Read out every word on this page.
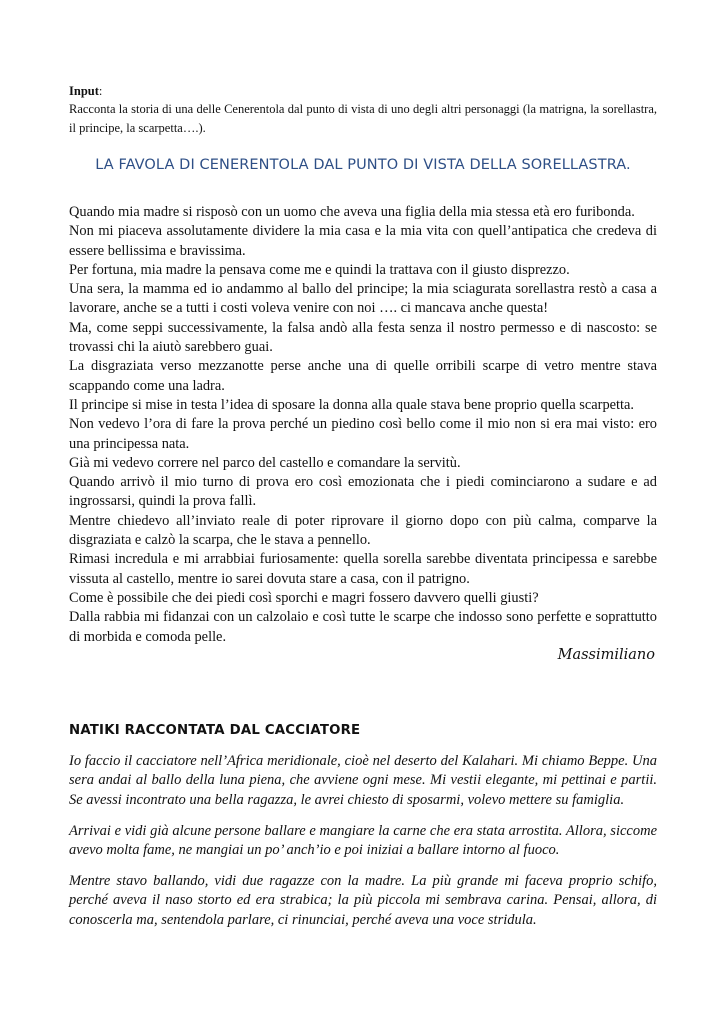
Input:
Racconta la storia di una delle Cenerentola dal punto di vista di uno degli altri personaggi (la matrigna, la sorellastra, il principe, la scarpetta….).
LA FAVOLA DI CENERENTOLA DAL PUNTO DI VISTA DELLA SORELLASTRA.

Quando mia madre si risposò con un uomo che aveva una figlia della mia stessa età ero furibonda.

Non mi piaceva assolutamente dividere la mia casa e la mia vita con quell’antipatica che credeva di essere bellissima e bravissima.

Per fortuna, mia madre la pensava come me e quindi la trattava con il giusto disprezzo.

Una sera, la mamma ed io andammo al ballo del principe; la mia sciagurata sorellastra restò a casa a lavorare, anche se a tutti i costi voleva venire con noi …. ci mancava anche questa!

Ma, come seppi successivamente, la falsa andò alla festa senza il nostro permesso e di nascosto: se trovassi chi la aiutò sarebbero guai.

La disgraziata verso mezzanotte perse anche una di quelle orribili scarpe di vetro mentre stava scappando come una ladra.

Il principe si mise in testa l’idea di sposare la donna alla quale stava bene proprio quella scarpetta.

Non vedevo l’ora di fare la prova perché un piedino così bello come il mio non si era mai visto: ero una principessa nata.

Già mi vedevo correre nel parco del castello e comandare la servitù.

Quando arrivò il mio turno di prova ero così emozionata che i piedi cominciarono a sudare e ad ingrossarsi, quindi la prova fallì.

Mentre chiedevo all’inviato reale di poter riprovare il giorno dopo con più calma, comparve la disgraziata e calzò la scarpa, che le stava a pennello.

Rimasi incredula e mi arrabbiai furiosamente: quella sorella sarebbe diventata principessa e sarebbe vissuta al castello, mentre io sarei dovuta stare a casa, con il patrigno.

Come è possibile che dei piedi così sporchi e magri fossero davvero quelli giusti?

Dalla rabbia mi fidanzai con un calzolaio e così tutte le scarpe che indosso sono perfette e soprattutto di morbida e comoda pelle.

Massimiliano
NATIKI RACCONTATA DAL CACCIATORE

Io faccio il cacciatore nell’Africa meridionale, cioè nel deserto del Kalahari. Mi chiamo Beppe. Una sera andai al ballo della luna piena, che avviene ogni mese. Mi vestii elegante, mi pettinai e partii. Se avessi incontrato una bella ragazza, le avrei chiesto di sposarmi, volevo mettere su famiglia.

Arrivai e vidi già alcune persone ballare e mangiare la carne che era stata arrostita. Allora, siccome avevo molta fame, ne mangiai un po’ anch’io e poi iniziai a ballare intorno al fuoco.

Mentre stavo ballando, vidi due ragazze con la madre. La più grande mi faceva proprio schifo, perché aveva il naso storto ed era strabica; la più piccola mi sembrava carina. Pensai, allora, di conoscerla ma, sentendola parlare, ci rinunciai, perché aveva una voce stridula.
